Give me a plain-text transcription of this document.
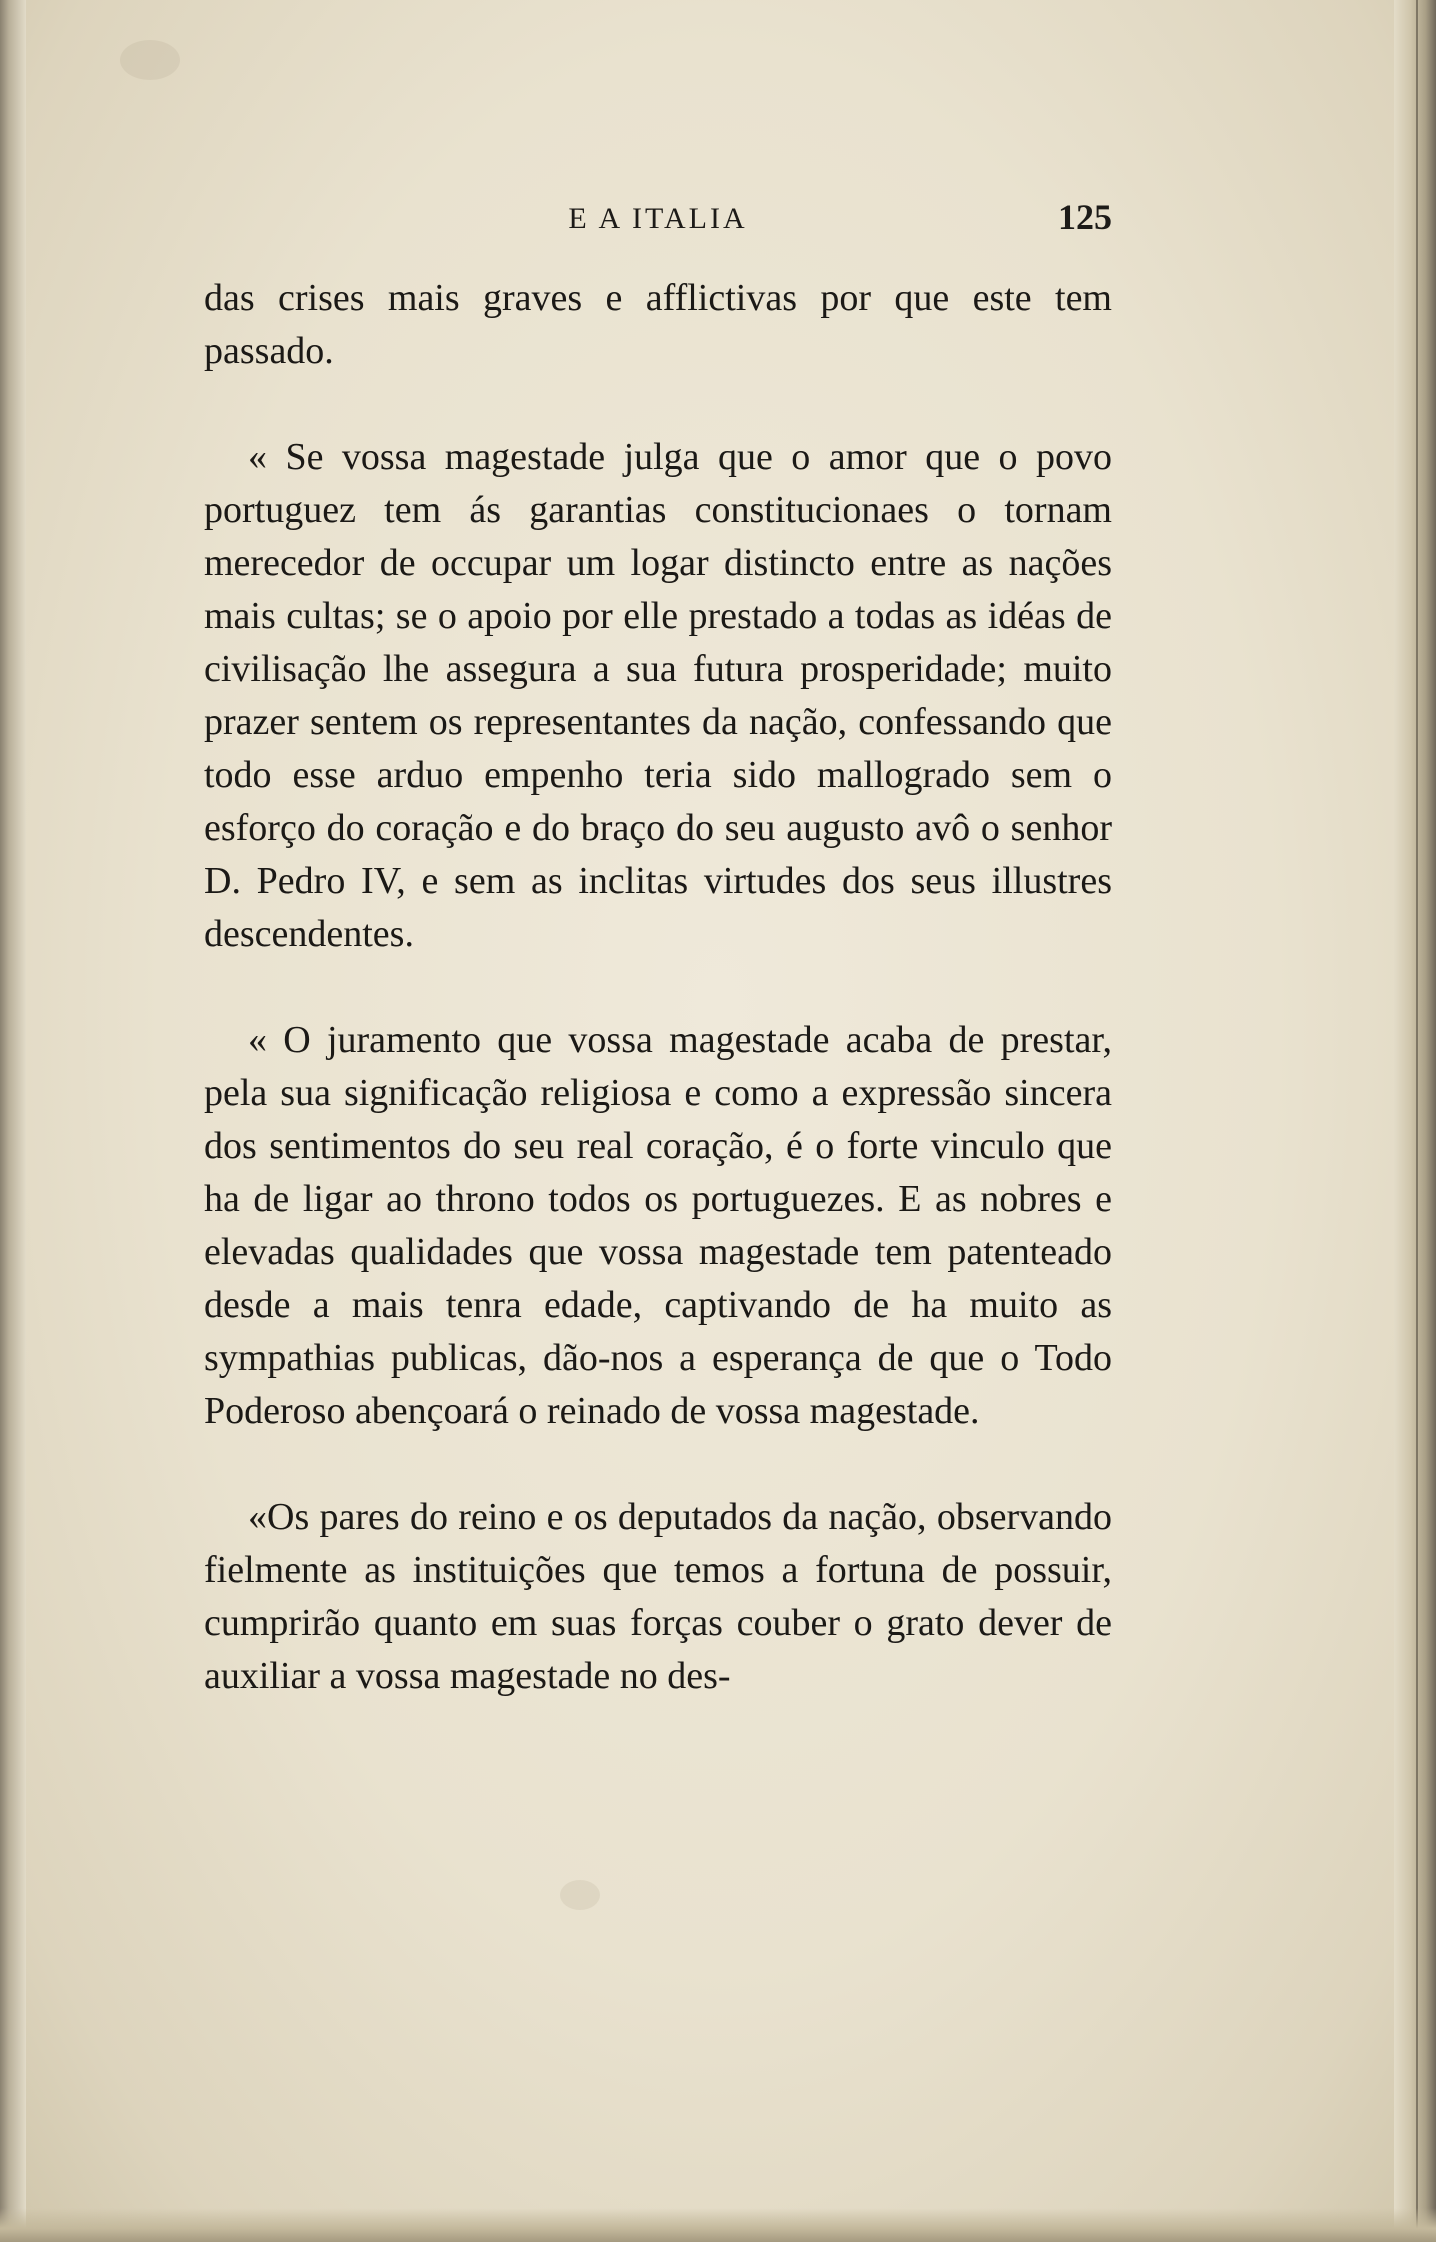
E A ITALIA	125

das crises mais graves e afflictivas por que este tem passado.

« Se vossa magestade julga que o amor que o povo portuguez tem ás garantias constitucionaes o tornam merecedor de occupar um logar distincto entre as nações mais cultas; se o apoio por elle prestado a todas as idéas de civilisação lhe assegura a sua futura prosperidade; muito prazer sentem os representantes da nação, confessando que todo esse arduo empenho teria sido mallogrado sem o esforço do coração e do braço do seu augusto avô o senhor D. Pedro IV, e sem as inclitas virtudes dos seus illustres descendentes.

« O juramento que vossa magestade acaba de prestar, pela sua significação religiosa e como a expressão sincera dos sentimentos do seu real coração, é o forte vinculo que ha de ligar ao throno todos os portuguezes. E as nobres e elevadas qualidades que vossa magestade tem patenteado desde a mais tenra edade, captivando de ha muito as sympathias publicas, dão-nos a esperança de que o Todo Poderoso abençoará o reinado de vossa magestade.

«Os pares do reino e os deputados da nação, observando fielmente as instituições que temos a fortuna de possuir, cumprirão quanto em suas forças couber o grato dever de auxiliar a vossa magestade no des-
